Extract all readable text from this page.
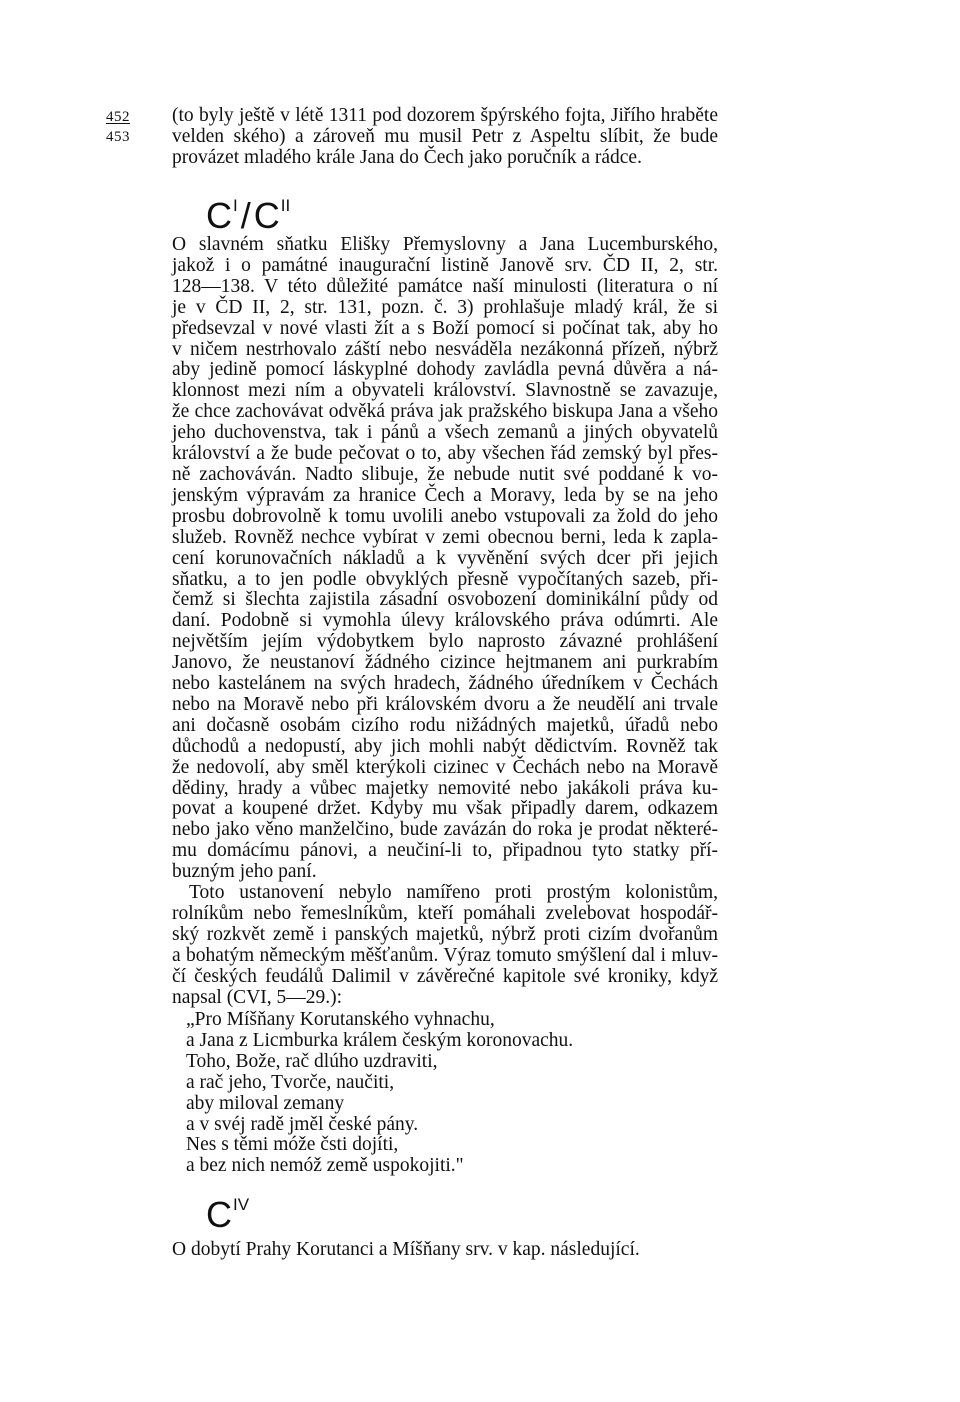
452
453
(to byly ještě v létě 1311 pod dozorem špýrského fojta, Jiřího hraběte
velden ského) a zároveň mu musil Petr z Aspeltu slíbit, že bude
provázet mladého krále Jana do Čech jako poručník a rádce.
$C^I/C^{II}$
O slavném sňatku Elišky Přemyslovny a Jana Lucemburského,
jakož i o památné inaugurační listině Janově srv. ČD II, 2, str.
128—138. V této důležité památce naší minulosti (literatura o ní
je v ČD II, 2, str. 131, pozn. č. 3) prohlašuje mladý král, že si
předsevzal v nové vlasti žít a s Boží pomocí si počínat tak, aby ho
v ničem nestrhovalo záští nebo nesváděla nezákonná přízeň, nýbrž
aby jedině pomocí láskyplné dohody zavládla pevná důvěra a ná-
klonnost mezi ním a obyvateli království. Slavnostně se zavazuje,
že chce zachovávat odvěká práva jak pražského biskupa Jana a všeho
jeho duchovenstva, tak i pánů a všech zemanů a jiných obyvatelů
království a že bude pečovat o to, aby všechen řád zemský byl přes-
ně zachováván. Nadto slibuje, že nebude nutit své poddané k vo-
jenským výpravám za hranice Čech a Moravy, leda by se na jeho
prosbu dobrovolně k tomu uvolili anebo vstupovali za žold do jeho
služeb. Rovněž nechce vybírat v zemi obecnou berni, leda k zapla-
cení korunovačních nákladů a k vyvěnění svých dcer při jejich
sňatku, a to jen podle obvyklých přesně vypočítaných sazeb, při-
čemž si šlechta zajistila zásadní osvobození dominikální půdy od
daní. Podobně si vymohla úlevy královského práva odúmrti. Ale
největším jejím výdobytkem bylo naprosto závazné prohlášení
Janovo, že neustanoví žádného cizince hejtmanem ani purkrabím
nebo kastelánem na svých hradech, žádného úředníkem v Čechách
nebo na Moravě nebo při královském dvoru a že neudělí ani trvale
ani dočasně osobám cizího rodu nižádných majetků, úřadů nebo
důchodů a nedopustí, aby jich mohli nabýt dědictvím. Rovněž tak
že nedovolí, aby směl kterýkoli cizinec v Čechách nebo na Moravě
dědiny, hrady a vůbec majetky nemovité nebo jakákoli práva ku-
povat a koupené držet. Kdyby mu však připadly darem, odkazem
nebo jako věno manželčino, bude zavázán do roka je prodat některé-
mu domácímu pánovi, a neučiní-li to, připadnou tyto statky pří-
buzným jeho paní.
Toto ustanovení nebylo namířeno proti prostým kolonistům,
rolníkům nebo řemeslníkům, kteří pomáhali zvelebovat hospodář-
ský rozkvět země i panských majetků, nýbrž proti cizím dvořanům
a bohatým německým měšťanům. Výraz tomuto smýšlení dal i mluv-
čí českých feudálů Dalimil v závěrečné kapitole své kroniky, když
napsal (CVI, 5—29.):
„Pro Míšňany Korutanského vyhnachu,
a Jana z Licmburka králem českým koronovachu.
Toho, Bože, rač dlúho uzdraviti,
a rač jeho, Tvorče, naučiti,
aby miloval zemany
a v svéj radě jměl české pány.
Nes s těmi móže čsti dojíti,
a bez nich nemóž země uspokojiti."
$C^{IV}$
O dobytí Prahy Korutanci a Míšňany srv. v kap. následující.
